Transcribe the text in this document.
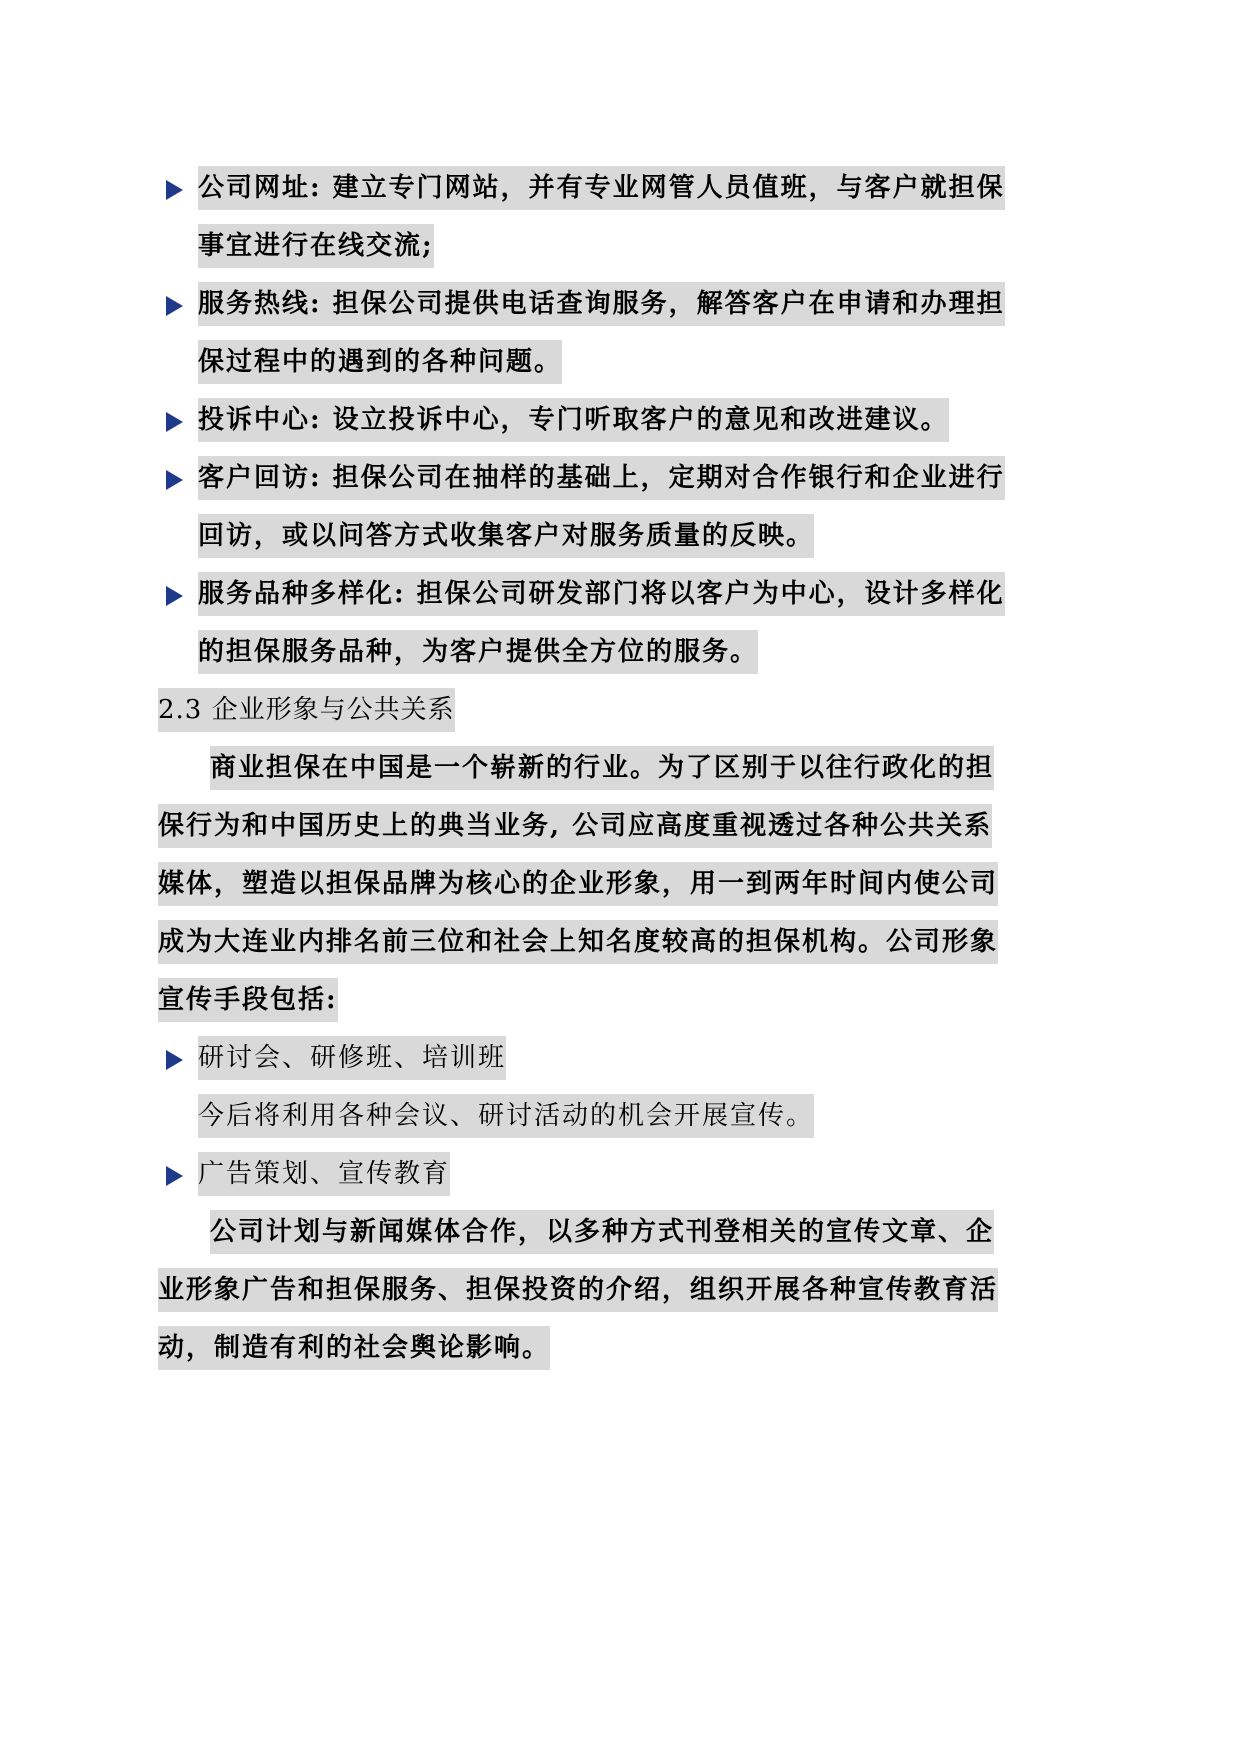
公司网址: 建立专门网站，并有专业网管人员值班，与客户就担保
事宜进行在线交流;
服务热线: 担保公司提供电话查询服务，解答客户在申请和办理担
保过程中的遇到的各种问题。
投诉中心: 设立投诉中心，专门听取客户的意见和改进建议。
客户回访: 担保公司在抽样的基础上，定期对合作银行和企业进行
回访，或以问答方式收集客户对服务质量的反映。
服务品种多样化: 担保公司研发部门将以客户为中心，设计多样化
的担保服务品种，为客户提供全方位的服务。
2.3 企业形象与公共关系
商业担保在中国是一个崭新的行业。为了区别于以往行政化的担
保行为和中国历史上的典当业务, 公司应高度重视透过各种公共关系
媒体，塑造以担保品牌为核心的企业形象，用一到两年时间内使公司
成为大连业内排名前三位和社会上知名度较高的担保机构。公司形象
宣传手段包括:
研讨会、研修班、培训班
今后将利用各种会议、研讨活动的机会开展宣传。
广告策划、宣传教育
公司计划与新闻媒体合作，以多种方式刊登相关的宣传文章、企
业形象广告和担保服务、担保投资的介绍，组织开展各种宣传教育活
动，制造有利的社会舆论影响。
